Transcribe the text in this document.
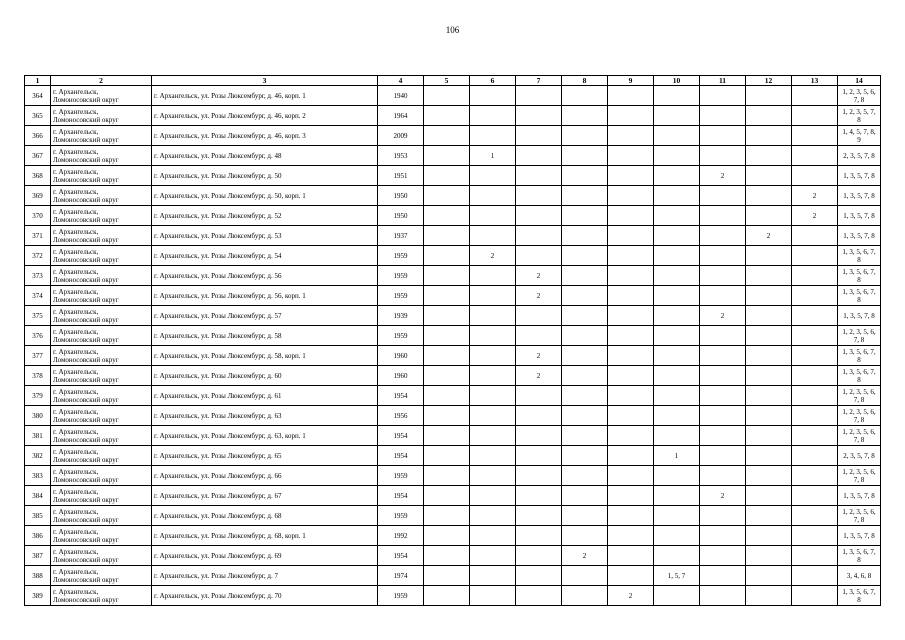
106
1	2	3	4	5	6	7	8	9	10	11	12	13	14
364	г. Архангельск,
Ломоносовский округ	г. Архангельск, ул. Розы Люксембург, д. 46, корп. 1	1940										1, 2, 3, 5, 6, 7, 8
365	г. Архангельск,
Ломоносовский округ	г. Архангельск, ул. Розы Люксембург, д. 46, корп. 2	1964										1, 2, 3, 5, 7, 8
366	г. Архангельск,
Ломоносовский округ	г. Архангельск, ул. Розы Люксембург, д. 46, корп. 3	2009										1, 4, 5, 7, 8, 9
367	г. Архангельск,
Ломоносовский округ	г. Архангельск, ул. Розы Люксембург, д. 48	1953		1								2, 3, 5, 7, 8
368	г. Архангельск,
Ломоносовский округ	г. Архангельск, ул. Розы Люксембург, д. 50	1951							2			1, 3, 5, 7, 8
369	г. Архангельск,
Ломоносовский округ	г. Архангельск, ул. Розы Люксембург, д. 50, корп. 1	1950									2	1, 3, 5, 7, 8
370	г. Архангельск,
Ломоносовский округ	г. Архангельск, ул. Розы Люксембург, д. 52	1950									2	1, 3, 5, 7, 8
371	г. Архангельск,
Ломоносовский округ	г. Архангельск, ул. Розы Люксембург, д. 53	1937								2		1, 3, 5, 7, 8
372	г. Архангельск,
Ломоносовский округ	г. Архангельск, ул. Розы Люксембург, д. 54	1959		2								1, 3, 5, 6, 7, 8
373	г. Архангельск,
Ломоносовский округ	г. Архангельск, ул. Розы Люксембург, д. 56	1959			2							1, 3, 5, 6, 7, 8
374	г. Архангельск,
Ломоносовский округ	г. Архангельск, ул. Розы Люксембург, д. 56, корп. 1	1959			2							1, 3, 5, 6, 7, 8
375	г. Архангельск,
Ломоносовский округ	г. Архангельск, ул. Розы Люксембург, д. 57	1939							2			1, 3, 5, 7, 8
376	г. Архангельск,
Ломоносовский округ	г. Архангельск, ул. Розы Люксембург, д. 58	1959										1, 2, 3, 5, 6, 7, 8
377	г. Архангельск,
Ломоносовский округ	г. Архангельск, ул. Розы Люксембург, д. 58, корп. 1	1960			2							1, 3, 5, 6, 7, 8
378	г. Архангельск,
Ломоносовский округ	г. Архангельск, ул. Розы Люксембург, д. 60	1960			2							1, 3, 5, 6, 7, 8
379	г. Архангельск,
Ломоносовский округ	г. Архангельск, ул. Розы Люксембург, д. 61	1954										1, 2, 3, 5, 6, 7, 8
380	г. Архангельск,
Ломоносовский округ	г. Архангельск, ул. Розы Люксембург, д. 63	1956										1, 2, 3, 5, 6, 7, 8
381	г. Архангельск,
Ломоносовский округ	г. Архангельск, ул. Розы Люксембург, д. 63, корп. 1	1954										1, 2, 3, 5, 6, 7, 8
382	г. Архангельск,
Ломоносовский округ	г. Архангельск, ул. Розы Люксембург, д. 65	1954						1				2, 3, 5, 7, 8
383	г. Архангельск,
Ломоносовский округ	г. Архангельск, ул. Розы Люксембург, д. 66	1959										1, 2, 3, 5, 6, 7, 8
384	г. Архангельск,
Ломоносовский округ	г. Архангельск, ул. Розы Люксембург, д. 67	1954							2			1, 3, 5, 7, 8
385	г. Архангельск,
Ломоносовский округ	г. Архангельск, ул. Розы Люксембург, д. 68	1959										1, 2, 3, 5, 6, 7, 8
386	г. Архангельск,
Ломоносовский округ	г. Архангельск, ул. Розы Люксембург, д. 68, корп. 1	1992										1, 3, 5, 7, 8
387	г. Архангельск,
Ломоносовский округ	г. Архангельск, ул. Розы Люксембург, д. 69	1954				2						1, 3, 5, 6, 7, 8
388	г. Архангельск,
Ломоносовский округ	г. Архангельск, ул. Розы Люксембург, д. 7	1974						1, 5, 7				3, 4, 6, 8
389	г. Архангельск,
Ломоносовский округ	г. Архангельск, ул. Розы Люксембург, д. 70	1959					2					1, 3, 5, 6, 7, 8
